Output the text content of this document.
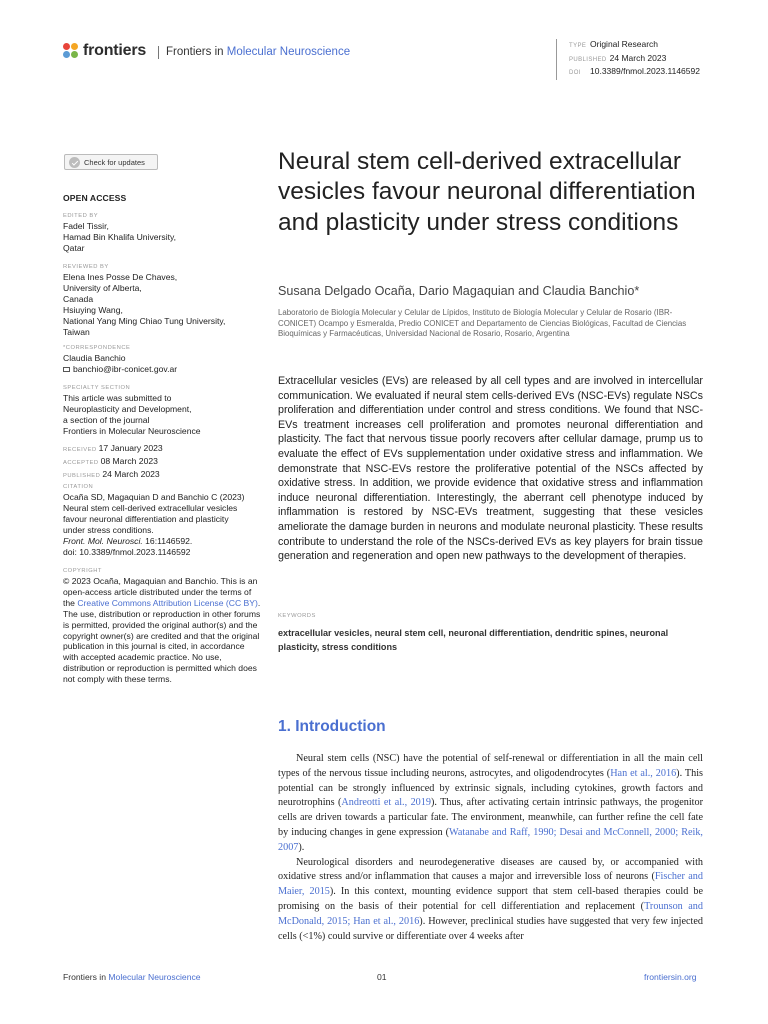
frontiers	Frontiers in Molecular Neuroscience	TYPE Original Research
PUBLISHED 24 March 2023
DOI 10.3389/fnmol.2023.1146592
Check for updates
OPEN ACCESS
EDITED BY
Fadel Tissir,
Hamad Bin Khalifa University,
Qatar
REVIEWED BY
Elena Ines Posse De Chaves,
University of Alberta,
Canada
Hsiuying Wang,
National Yang Ming Chiao Tung University,
Taiwan
*CORRESPONDENCE
Claudia Banchio
banchio@ibr-conicet.gov.ar
SPECIALTY SECTION
This article was submitted to
Neuroplasticity and Development,
a section of the journal
Frontiers in Molecular Neuroscience
RECEIVED 17 January 2023
ACCEPTED 08 March 2023
PUBLISHED 24 March 2023
CITATION
Ocaña SD, Magaquian D and Banchio C (2023)
Neural stem cell-derived extracellular vesicles
favour neuronal differentiation and plasticity
under stress conditions.
Front. Mol. Neurosci. 16:1146592.
doi: 10.3389/fnmol.2023.1146592
COPYRIGHT
© 2023 Ocaña, Magaquian and Banchio. This is an open-access article distributed under the terms of the Creative Commons Attribution License (CC BY). The use, distribution or reproduction in other forums is permitted, provided the original author(s) and the copyright owner(s) are credited and that the original publication in this journal is cited, in accordance with accepted academic practice. No use, distribution or reproduction is permitted which does not comply with these terms.
Neural stem cell-derived extracellular vesicles favour neuronal differentiation and plasticity under stress conditions
Susana Delgado Ocaña, Dario Magaquian and Claudia Banchio*
Laboratorio de Biología Molecular y Celular de Lípidos, Instituto de Biología Molecular y Celular de Rosario (IBR-CONICET) Ocampo y Esmeralda, Predio CONICET and Departamento de Ciencias Biológicas, Facultad de Ciencias Bioquímicas y Farmacéuticas, Universidad Nacional de Rosario, Rosario, Argentina
Extracellular vesicles (EVs) are released by all cell types and are involved in intercellular communication. We evaluated if neural stem cells-derived EVs (NSC-EVs) regulate NSCs proliferation and differentiation under control and stress conditions. We found that NSC-EVs treatment increases cell proliferation and promotes neuronal differentiation and plasticity. The fact that nervous tissue poorly recovers after cellular damage, prump us to evaluate the effect of EVs supplementation under oxidative stress and inflammation. We demonstrate that NSC-EVs restore the proliferative potential of the NSCs affected by oxidative stress. In addition, we provide evidence that oxidative stress and inflammation induce neuronal differentiation. Interestingly, the aberrant cell phenotype induced by inflammation is restored by NSC-EVs treatment, suggesting that these vesicles ameliorate the damage burden in neurons and modulate neuronal plasticity. These results contribute to understand the role of the NSCs-derived EVs as key players for brain tissue generation and regeneration and open new pathways to the development of therapies.
KEYWORDS
extracellular vesicles, neural stem cell, neuronal differentiation, dendritic spines, neuronal plasticity, stress conditions
1. Introduction

Neural stem cells (NSC) have the potential of self-renewal or differentiation in all the main cell types of the nervous tissue including neurons, astrocytes, and oligodendrocytes (Han et al., 2016). This potential can be strongly influenced by extrinsic signals, including cytokines, growth factors and neurotrophins (Andreotti et al., 2019). Thus, after activating certain intrinsic pathways, the progenitor cells are driven towards a particular fate. The environment, meanwhile, can further refine the cell fate by inducing changes in gene expression (Watanabe and Raff, 1990; Desai and McConnell, 2000; Reik, 2007).

Neurological disorders and neurodegenerative diseases are caused by, or accompanied with oxidative stress and/or inflammation that causes a major and irreversible loss of neurons (Fischer and Maier, 2015). In this context, mounting evidence support that stem cell-based therapies could be promising on the basis of their potential for cell differentiation and replacement (Trounson and McDonald, 2015; Han et al., 2016). However, preclinical studies have suggested that very few injected cells (<1%) could survive or differentiate over 4 weeks after

Frontiers in Molecular Neuroscience	01	frontiersin.org
